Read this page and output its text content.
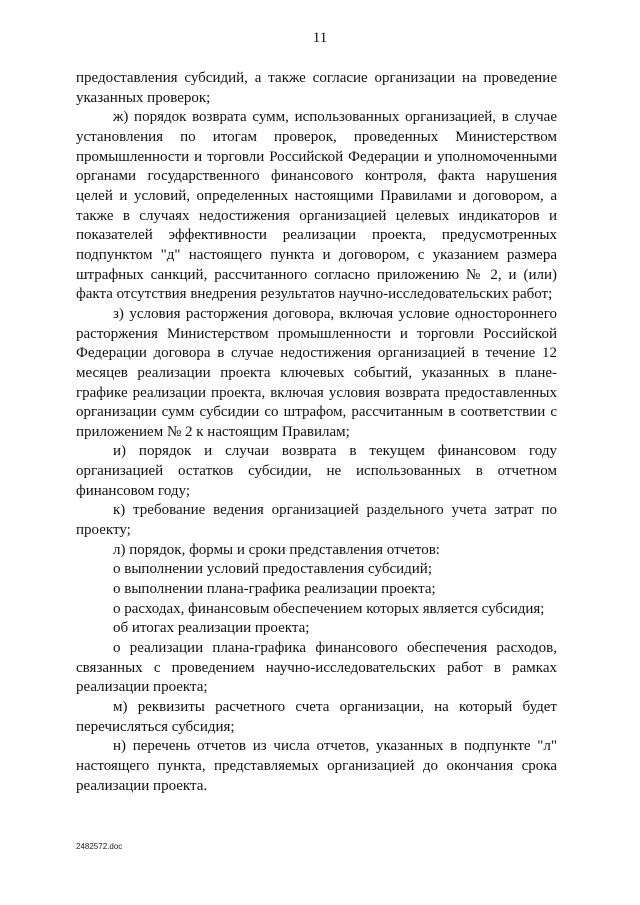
11

предоставления субсидий, а также согласие организации на проведение указанных проверок;

ж) порядок возврата сумм, использованных организацией, в случае установления по итогам проверок, проведенных Министерством промышленности и торговли Российской Федерации и уполномоченными органами государственного финансового контроля, факта нарушения целей и условий, определенных настоящими Правилами и договором, а также в случаях недостижения организацией целевых индикаторов и показателей эффективности реализации проекта, предусмотренных подпунктом "д" настоящего пункта и договором, с указанием размера штрафных санкций, рассчитанного согласно приложению № 2, и (или) факта отсутствия внедрения результатов научно-исследовательских работ;

з) условия расторжения договора, включая условие одностороннего расторжения Министерством промышленности и торговли Российской Федерации договора в случае недостижения организацией в течение 12 месяцев реализации проекта ключевых событий, указанных в плане-графике реализации проекта, включая условия возврата предоставленных организации сумм субсидии со штрафом, рассчитанным в соответствии с приложением № 2 к настоящим Правилам;

и) порядок и случаи возврата в текущем финансовом году организацией остатков субсидии, не использованных в отчетном финансовом году;

к) требование ведения организацией раздельного учета затрат по проекту;

л) порядок, формы и сроки представления отчетов:

о выполнении условий предоставления субсидий;

о выполнении плана-графика реализации проекта;

о расходах, финансовым обеспечением которых является субсидия;

об итогах реализации проекта;

о реализации плана-графика финансового обеспечения расходов, связанных с проведением научно-исследовательских работ в рамках реализации проекта;

м) реквизиты расчетного счета организации, на который будет перечисляться субсидия;

н) перечень отчетов из числа отчетов, указанных в подпункте "л" настоящего пункта, представляемых организацией до окончания срока реализации проекта.

2482572.doc
